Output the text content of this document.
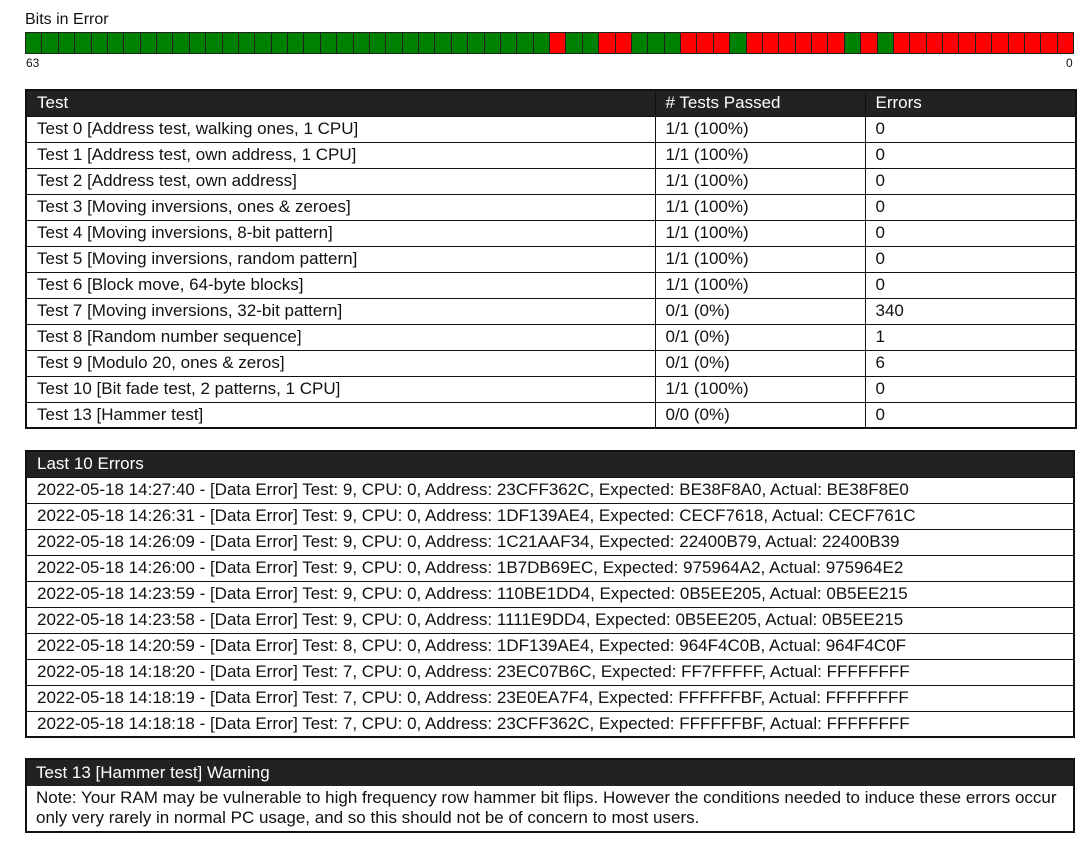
Bits in Error
63	0
Test	# Tests Passed	Errors
Test 0 [Address test, walking ones, 1 CPU]	1/1 (100%)	0
Test 1 [Address test, own address, 1 CPU]	1/1 (100%)	0
Test 2 [Address test, own address]	1/1 (100%)	0
Test 3 [Moving inversions, ones & zeroes]	1/1 (100%)	0
Test 4 [Moving inversions, 8-bit pattern]	1/1 (100%)	0
Test 5 [Moving inversions, random pattern]	1/1 (100%)	0
Test 6 [Block move, 64-byte blocks]	1/1 (100%)	0
Test 7 [Moving inversions, 32-bit pattern]	0/1 (0%)	340
Test 8 [Random number sequence]	0/1 (0%)	1
Test 9 [Modulo 20, ones & zeros]	0/1 (0%)	6
Test 10 [Bit fade test, 2 patterns, 1 CPU]	1/1 (100%)	0
Test 13 [Hammer test]	0/0 (0%)	0
Last 10 Errors
2022-05-18 14:27:40 - [Data Error] Test: 9, CPU: 0, Address: 23CFF362C, Expected: BE38F8A0, Actual: BE38F8E0
2022-05-18 14:26:31 - [Data Error] Test: 9, CPU: 0, Address: 1DF139AE4, Expected: CECF7618, Actual: CECF761C
2022-05-18 14:26:09 - [Data Error] Test: 9, CPU: 0, Address: 1C21AAF34, Expected: 22400B79, Actual: 22400B39
2022-05-18 14:26:00 - [Data Error] Test: 9, CPU: 0, Address: 1B7DB69EC, Expected: 975964A2, Actual: 975964E2
2022-05-18 14:23:59 - [Data Error] Test: 9, CPU: 0, Address: 110BE1DD4, Expected: 0B5EE205, Actual: 0B5EE215
2022-05-18 14:23:58 - [Data Error] Test: 9, CPU: 0, Address: 1111E9DD4, Expected: 0B5EE205, Actual: 0B5EE215
2022-05-18 14:20:59 - [Data Error] Test: 8, CPU: 0, Address: 1DF139AE4, Expected: 964F4C0B, Actual: 964F4C0F
2022-05-18 14:18:20 - [Data Error] Test: 7, CPU: 0, Address: 23EC07B6C, Expected: FF7FFFFF, Actual: FFFFFFFF
2022-05-18 14:18:19 - [Data Error] Test: 7, CPU: 0, Address: 23E0EA7F4, Expected: FFFFFFBF, Actual: FFFFFFFF
2022-05-18 14:18:18 - [Data Error] Test: 7, CPU: 0, Address: 23CFF362C, Expected: FFFFFFBF, Actual: FFFFFFFF
Test 13 [Hammer test] Warning
Note: Your RAM may be vulnerable to high frequency row hammer bit flips. However the conditions needed to induce these errors occur only very rarely in normal PC usage, and so this should not be of concern to most users.
